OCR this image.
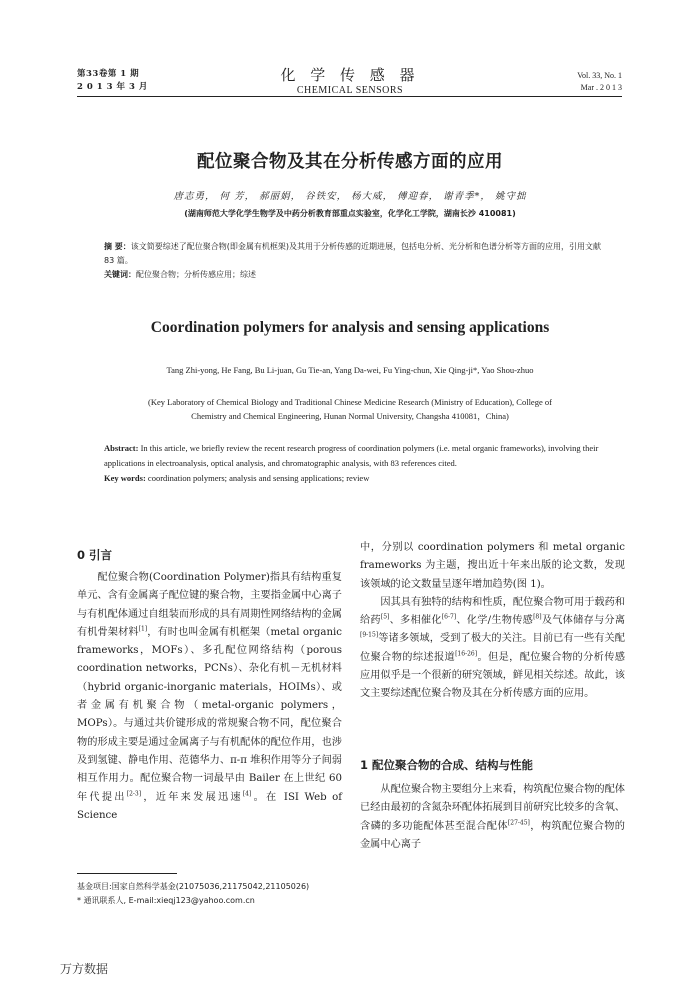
第33卷第 1 期
2 0 1 3 年 3 月
化 学 传 感 器
CHEMICAL SENSORS
Vol. 33, No. 1
Mar . 2 0 1 3
配位聚合物及其在分析传感方面的应用
唐志勇， 何 芳， 郝丽娟， 谷铁安， 杨大威， 傅迎春， 谢青季*， 姚守拙
(湖南师范大学化学生物学及中药分析教育部重点实验室，化学化工学院，湖南长沙 410081)
摘 要：该文简要综述了配位聚合物(即金属有机框架)及其用于分析传感的近期进展，包括电分析、光分析和色谱分析等方面的应用，引用文献 83 篇。
关键词：配位聚合物；分析传感应用；综述
Coordination polymers for analysis and sensing applications
Tang Zhi-yong, He Fang, Bu Li-juan, Gu Tie-an, Yang Da-wei, Fu Ying-chun, Xie Qing-ji*, Yao Shou-zhuo
(Key Laboratory of Chemical Biology and Traditional Chinese Medicine Research (Ministry of Education), College of Chemistry and Chemical Engineering, Hunan Normal University, Changsha 410081，China)
Abstract: In this article, we briefly review the recent research progress of coordination polymers (i.e. metal organic frameworks), involving their applications in electroanalysis, optical analysis, and chromatographic analysis, with 83 references cited.
Key words: coordination polymers; analysis and sensing applications; review
0 引言

配位聚合物(Coordination Polymer)指具有结构重复单元、含有金属离子配位键的聚合物，主要指金属中心离子与有机配体通过自组装而形成的具有周期性网络结构的金属有机骨架材料[1]，有时也叫金属有机框架（metal organic frameworks，MOFs）、多孔配位网络结构（porous coordination networks，PCNs）、杂化有机－无机材料（hybrid organic-inorganic materials，HOIMs）、或者金属有机聚合物（metal-organic polymers，MOPs）。与通过共价键形成的常规聚合物不同，配位聚合物的形成主要是通过金属离子与有机配体的配位作用，也涉及到氢键、静电作用、范德华力、π-π 堆积作用等分子间弱相互作用力。配位聚合物一词最早由 Bailer 在上世纪 60 年代提出[2-3]，近年来发展迅速[4]。在 ISI Web of Science

中，分别以 coordination polymers 和 metal organic frameworks 为主题，搜出近十年来出版的论文数，发现该领域的论文数量呈逐年增加趋势(图 1)。

因其具有独特的结构和性质，配位聚合物可用于载药和给药[5]、多相催化[6-7]、化学/生物传感[8]及气体储存与分离[9-15]等诸多领域，受到了极大的关注。目前已有一些有关配位聚合物的综述报道[16-26]。但是，配位聚合物的分析传感应用似乎是一个很新的研究领域，鲜见相关综述。故此，该文主要综述配位聚合物及其在分析传感方面的应用。

1 配位聚合物的合成、结构与性能

从配位聚合物主要组分上来看，构筑配位聚合物的配体已经由最初的含氮杂环配体拓展到目前研究比较多的含氧、含磷的多功能配体甚至混合配体[27-45]，构筑配位聚合物的金属中心离子

基金项目:国家自然科学基金(21075036,21175042,21105026)
* 通讯联系人, E-mail:xieqj123@yahoo.com.cn
万方数据
